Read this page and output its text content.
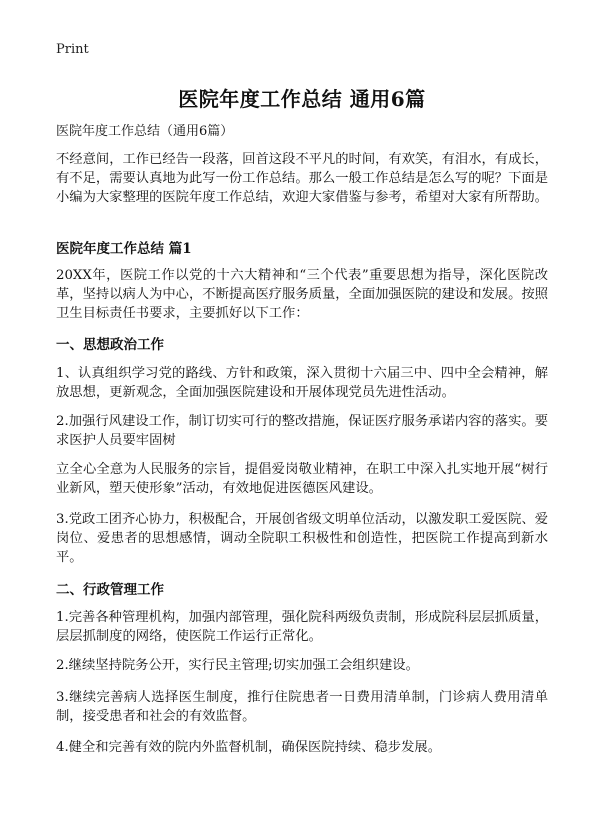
Print
医院年度工作总结 通用6篇
医院年度工作总结（通用6篇）

不经意间，工作已经告一段落，回首这段不平凡的时间，有欢笑，有泪水，有成长，有不足，需要认真地为此写一份工作总结。那么一般工作总结是怎么写的呢？下面是小编为大家整理的医院年度工作总结，欢迎大家借鉴与参考，希望对大家有所帮助。

医院年度工作总结 篇1

20XX年，医院工作以党的十六大精神和“三个代表”重要思想为指导，深化医院改革，坚持以病人为中心，不断提高医疗服务质量，全面加强医院的建设和发展。按照卫生目标责任书要求，主要抓好以下工作：

一、思想政治工作

1、认真组织学习党的路线、方针和政策，深入贯彻十六届三中、四中全会精神，解放思想，更新观念，全面加强医院建设和开展体现党员先进性活动。

2.加强行风建设工作，制订切实可行的整改措施，保证医疗服务承诺内容的落实。要求医护人员要牢固树

立全心全意为人民服务的宗旨，提倡爱岗敬业精神，在职工中深入扎实地开展“树行业新风，塑天使形象”活动，有效地促进医德医风建设。

3.党政工团齐心协力，积极配合，开展创省级文明单位活动，以激发职工爱医院、爱岗位、爱患者的思想感情，调动全院职工积极性和创造性，把医院工作提高到新水平。

二、行政管理工作

1.完善各种管理机构，加强内部管理，强化院科两级负责制，形成院科层层抓质量，层层抓制度的网络，使医院工作运行正常化。

2.继续坚持院务公开，实行民主管理;切实加强工会组织建设。

3.继续完善病人选择医生制度，推行住院患者一日费用清单制，门诊病人费用清单制，接受患者和社会的有效监督。

4.健全和完善有效的院内外监督机制，确保医院持续、稳步发展。
